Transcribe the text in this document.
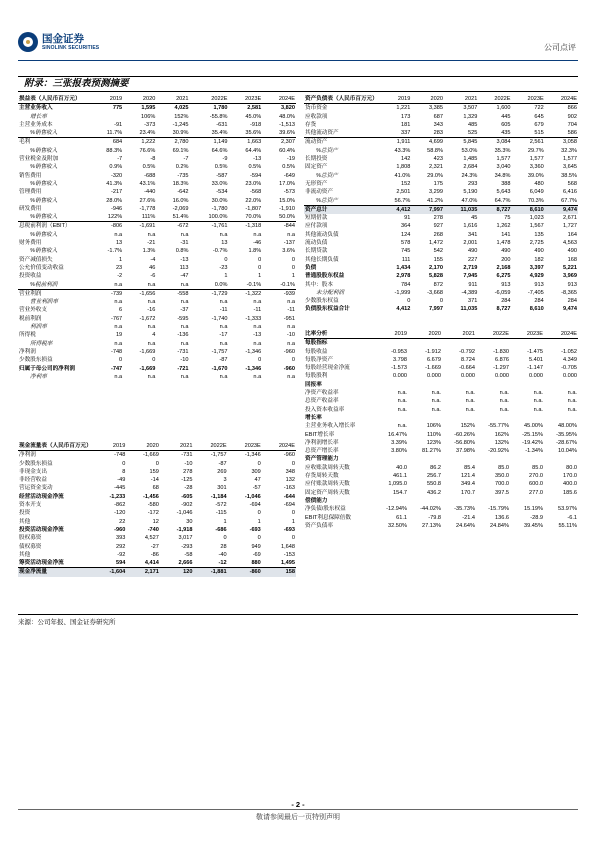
国金证券
SINOLINK SECURITIES	公司点评
附录：三张报表预测摘要
损益表（人民币百万元）	2019	2020	2021	2022E	2023E	2024E
主营业务收入	775	1,595	4,025	1,780	2,581	3,820
增长率		106%	152%	-55.8%	45.0%	48.0%
主营业务成本	-91	-373	-1,245	-631	-918	-1,513
%销售收入	11.7%	23.4%	30.9%	35.4%	35.6%	39.6%
毛利	684	1,222	2,780	1,149	1,663	2,307
%销售收入	88.3%	76.6%	69.1%	64.6%	64.4%	60.4%
营业税金及附加	-7	-8	-7	-9	-13	-19
%销售收入	0.9%	0.5%	0.2%	0.5%	0.5%	0.5%
销售费用	-320	-688	-735	-587	-594	-649
%销售收入	41.3%	43.1%	18.3%	33.0%	23.0%	17.0%
管理费用	-217	-440	-642	-534	-568	-573
%销售收入	28.0%	27.6%	16.0%	30.0%	22.0%	15.0%
研发费用	-946	-1,778	-2,069	-1,780	-1,807	-1,910
%销售收入	122%	111%	51.4%	100.0%	70.0%	50.0%
息税前利润（EBIT）	-806	-1,691	-672	-1,761	-1,318	-844
%销售收入	n.a	n.a	n.a	n.a	n.a	n.a
财务费用	13	-21	-31	13	-46	-137
%销售收入	-1.7%	1.3%	0.8%	-0.7%	1.8%	3.6%
资产减值损失	1	-4	-13	0	0	0
公允价值变动收益	23	46	113	-23	0	0
投资收益	-2	-6	-47	1	1	1
%税前利润	n.a	n.a	n.a	0.0%	-0.1%	-0.1%
营业利润	-739	-1,656	-558	-1,729	-1,322	-939
营业利润率	n.a	n.a	n.a	n.a	n.a	n.a
营业外收支	6	-16	-37	-11	-11	-11
税前利润	-767	-1,672	-595	-1,740	-1,333	-951
利润率	n.a	n.a	n.a	n.a	n.a	n.a
所得税	19	4	-136	-17	-13	-10
所得税率	n.a	n.a	n.a	n.a	n.a	n.a
净利润	-748	-1,669	-731	-1,757	-1,346	-960
少数股东损益	0	0	-10	-87	0	0
归属于母公司的净利润	-747	-1,669	-721	-1,670	-1,346	-960
净利率	n.a	n.a	n.a	n.a	n.a	n.a
现金流量表（人民币百万元）	2019	2020	2021	2022E	2023E	2024E
净利润	-748	-1,669	-731	-1,757	-1,346	-960
少数股东损益	0	0	-10	-87	0	0
非现金支出	8	159	278	269	309	348
非经营收益	-49	-14	-125	3	47	132
营运资金变动	-445	68	-28	301	-57	-163
经营活动现金净流	-1,233	-1,456	-605	-1,184	-1,046	-644
资本开支	-862	-580	-902	-572	-694	-694
投资	-120	-172	-1,046	-115	0	0
其他	22	12	30	1	1	1
投资活动现金净流	-960	-740	-1,918	-686	-693	-693
股权募资	393	4,527	3,017	0	0	0
债权募资	292	-27	-293	28	949	1,648
其他	-92	-86	-58	-40	-69	-153
筹资活动现金净流	594	4,414	2,666	-12	880	1,495
现金净流量	-1,604	2,171	120	-1,881	-860	158
资产负债表（人民币百万元）	2019	2020	2021	2022E	2023E	2024E
货币资金	1,221	3,385	3,507	1,600	722	866
应收款项	173	687	1,329	445	645	902
存货	181	343	485	605	679	704
其他流动资产	337	283	525	435	515	586
流动资产	1,911	4,699	5,845	3,084	2,561	3,058
%总资产	43.3%	58.8%	53.0%	35.3%	29.7%	32.3%
长期投资	142	423	1,485	1,577	1,577	1,577
固定资产	1,808	2,321	2,684	3,040	3,360	3,645
%总资产	41.0%	29.0%	24.3%	34.8%	39.0%	38.5%
无形资产	152	175	293	388	480	568
非流动资产	2,501	3,299	5,190	5,643	6,049	6,416
%总资产	56.7%	41.2%	47.0%	64.7%	70.3%	67.7%
资产总计	4,412	7,997	11,035	8,727	8,610	9,474
短期借款	91	278	45	75	1,023	2,671
应付款项	364	927	1,616	1,262	1,567	1,727
其他流动负债	124	268	341	141	135	164
流动负债	578	1,472	2,001	1,478	2,725	4,563
长期贷款	745	542	490	490	490	490
其他长期负债	111	155	227	200	182	168
负债	1,434	2,170	2,719	2,168	3,397	5,221
普通股股东权益	2,978	5,828	7,945	6,275	4,929	3,969
其中：股本	784	872	911	913	913	913
未分配利润	-1,999	-3,668	-4,389	-6,059	-7,405	-8,365
少数股东权益	0	0	371	284	284	284
负债股东权益合计	4,412	7,997	11,035	8,727	8,610	9,474
比率分析	2019	2020	2021	2022E	2023E	2024E
每股指标						
每股收益	-0.953	-1.912	-0.792	-1.830	-1.475	-1.052
每股净资产	3.798	6.679	8.724	6.876	5.401	4.349
每股经营现金净流	-1.573	-1.669	-0.664	-1.297	-1.147	-0.705
每股股利	0.000	0.000	0.000	0.000	0.000	0.000
回报率						
净资产收益率	n.a.	n.a.	n.a.	n.a.	n.a.	n.a.
总资产收益率	n.a.	n.a.	n.a.	n.a.	n.a.	n.a.
投入资本收益率	n.a.	n.a.	n.a.	n.a.	n.a.	n.a.
增长率						
主营业务收入增长率	n.a.	106%	152%	-55.77%	45.00%	48.00%
EBIT增长率	16.47%	110%	-60.26%	162%	-25.15%	-35.95%
净利润增长率	3.39%	123%	-56.80%	132%	-19.42%	-28.67%
总资产增长率	3.80%	81.27%	37.98%	-20.92%	-1.34%	10.04%
资产管理能力						
应收账款周转天数	40.0	86.2	85.4	85.0	85.0	80.0
存货周转天数	461.1	256.7	121.4	350.0	270.0	170.0
应付账款周转天数	1,095.0	550.8	349.4	700.0	600.0	400.0
固定资产周转天数	154.7	436.2	170.7	397.5	277.0	185.6
偿债能力						
净负债/股东权益	-12.94%	-44.02%	-35.73%	-15.79%	15.19%	53.97%
EBIT利息保障倍数	61.1	-79.8	-21.4	136.6	-28.9	-6.1
资产负债率	32.50%	27.13%	24.64%	24.84%	39.45%	55.11%
来源：公司年报、国金证券研究所
- 2 -
敬请参阅最后一页特别声明
